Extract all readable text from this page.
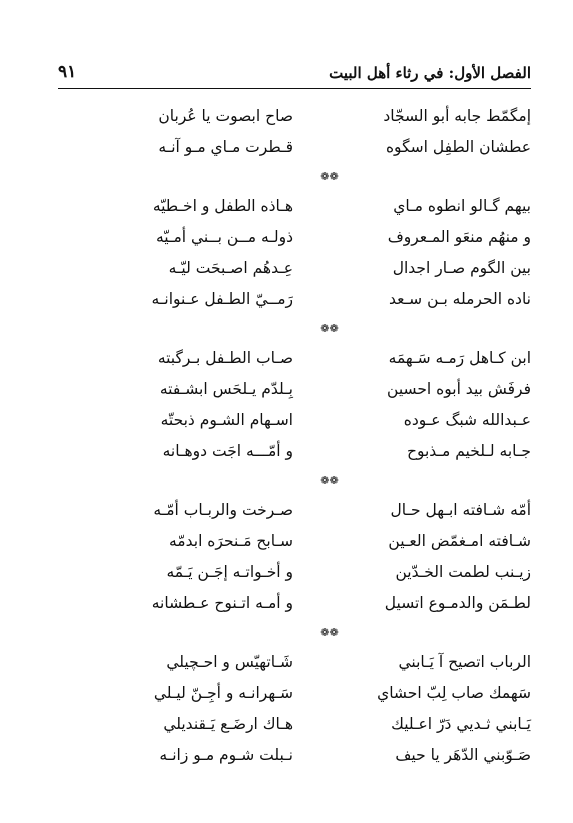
٩١	الفصل الأول: في رثاء أهل البيت
إمگمّط جابه أبو السجّاد
صاح ابصوت يا عُربان
عطشان الطفِل اسگوه
قـطرت مـاي مـو آنـه
❁ ❁
بيهم گـالو انطوه مـاي
هـاذه الطفل و اخـطيّه
و منهُم منعَو المـعروف
ذولـه مــن بــني أمـيّه
بين الگوم صـار اجدال
عِـدهُم اصـبحَت ليّـه
ناده الحرمله بـن سـعد
رَمــيّ الطـفل عـنوانـه
❁ ❁
ابن كـاهل رَمـه سَـهمَه
صـاب الطـفل بـرگبته
فرفَش بيد أبوه احسين
بِـلدّم يـلحَس ابشـفته
عـبدالله شبگ عـوده
اسـهام الشـوم ذبحتّه
جـابه لـلخيم مـذبوح
و أمّـــه اجَت دوهـانه
❁ ❁
أمّه شـافته ابـهل حـال
صـرخت والربـاب أمّـه
شـافته امـغمّض العـين
سـابح مَـنحرَه ابدمّه
زيـنب لطمت الخـدّين
و أخـواتـه إجَـن يَـمّه
لطـمَن والدمـوع اتسيل
و أمـه اتـنوح عـطشانه
❁ ❁
الرباب اتصيح آ يَـابني
شَـاتهيّس و احـچيلي
سَهمك صاب لِبّ احشاي
سَـهرانـه و أجِـنّ ليـلي
يَـابني ثـديي دَرّ اعـليك
هـاك ارضَـع يَـقنديلي
صَـوّبني الدّهَر يا حيف
نـبلت شـوم مـو زانـه
